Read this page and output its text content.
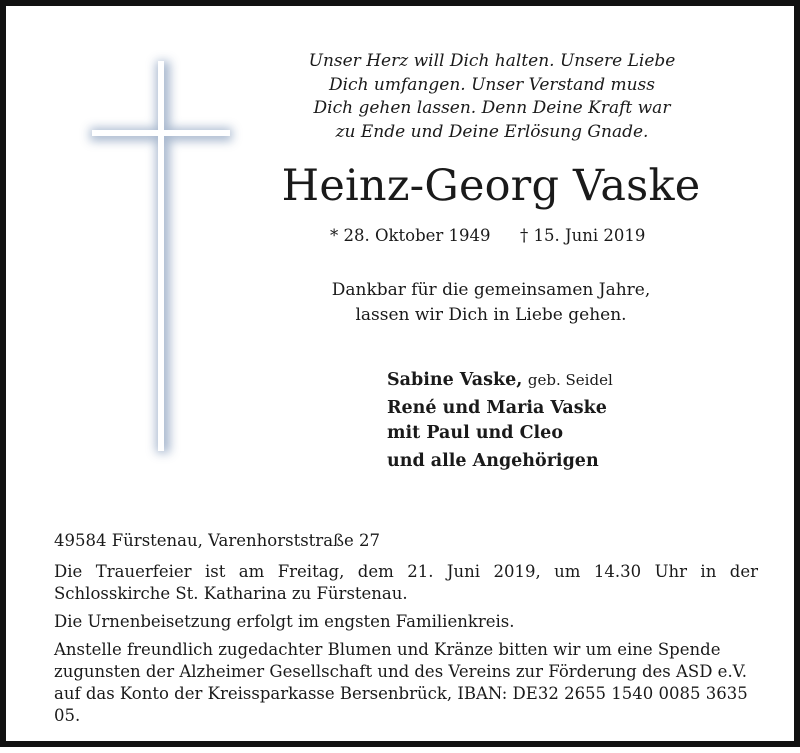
Unser Herz will Dich halten. Unsere Liebe
Dich umfangen. Unser Verstand muss
Dich gehen lassen. Denn Deine Kraft war
zu Ende und Deine Erlösung Gnade.
Heinz-Georg Vaske
* 28. Oktober 1949 † 15. Juni 2019
Dankbar für die gemeinsamen Jahre,
lassen wir Dich in Liebe gehen.
Sabine Vaske, geb. Seidel
René und Maria Vaske
mit Paul und Cleo
und alle Angehörigen
49584 Fürstenau, Varenhorststraße 27

Die Trauerfeier ist am Freitag, dem 21. Juni 2019, um 14.30 Uhr in der Schlosskirche St. Katharina zu Fürstenau.

Die Urnenbeisetzung erfolgt im engsten Familienkreis.

Anstelle freundlich zugedachter Blumen und Kränze bitten wir um eine Spende zugunsten der Alzheimer Gesellschaft und des Vereins zur Förderung des ASD e.V. auf das Konto der Kreissparkasse Bersenbrück, IBAN: DE32 2655 1540 0085 3635 05.
